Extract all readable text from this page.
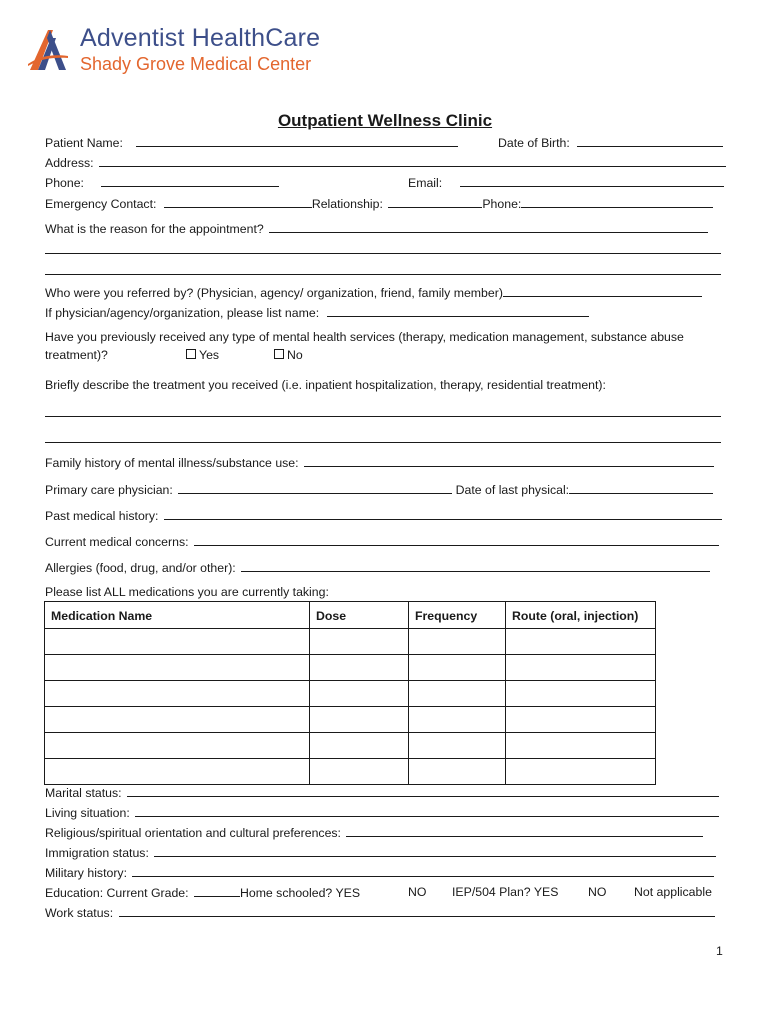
Adventist HealthCare
Shady Grove Medical Center
Outpatient Wellness Clinic
Patient Name:	Date of Birth:
Address:
Phone:	Email:
Emergency Contact:	Relationship:	Phone:
What is the reason for the appointment?
Who were you referred by? (Physician, agency/ organization, friend, family member)
If physician/agency/organization, please list name:
Have you previously received any type of mental health services (therapy, medication management, substance abuse
treatment)?	Yes	No
Briefly describe the treatment you received (i.e. inpatient hospitalization, therapy, residential treatment):
Family history of mental illness/substance use:
Primary care physician:	Date of last physical:
Past medical history:
Current medical concerns:
Allergies (food, drug, and/or other):
Please list ALL medications you are currently taking:
Medication Name	Dose	Frequency	Route (oral, injection)

Marital status:
Living situation:
Religious/spiritual orientation and cultural preferences:
Immigration status:
Military history:
Education: Current Grade:	Home schooled? YES	NO IEP/504 Plan? YES NO Not applicable
Work status:
1
